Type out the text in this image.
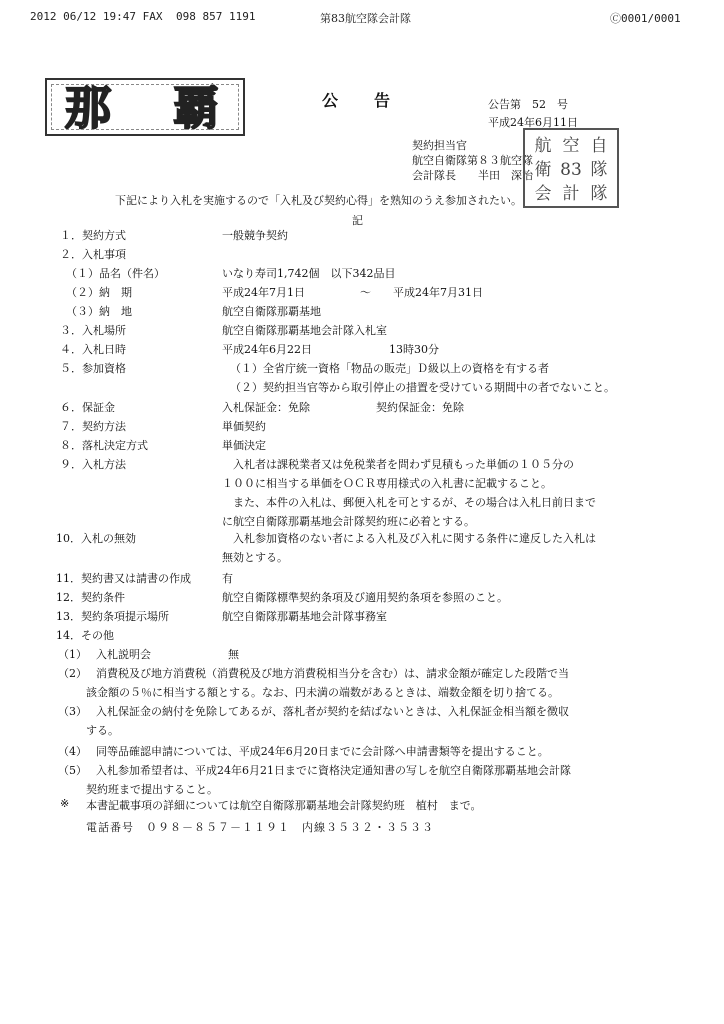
2012 06/12 19:47 FAX 098 857 1191	第83航空隊会計隊	🄫0001/0001
那覇	公告	公告第　52　号
平成24年6月11日
契約担当官
航空自衛隊第８３航空隊
会計隊長　　半田　深治
航 空 自
衛 83 隊
会 計 隊
下記により入札を実施するので「入札及び契約心得」を熟知のうえ参加されたい。
記
１．契約方式	一般競争契約
２．入札事項
（１）品名（件名）	いなり寿司1,742個　以下342品目
（２）納　期	平成24年7月1日　　　　　～　　平成24年7月31日
（３）納　地	航空自衛隊那覇基地
３．入札場所	航空自衛隊那覇基地会計隊入札室
４．入札日時	平成24年6月22日　　　　　　　13時30分
５．参加資格	（１）全省庁統一資格「物品の販売」Ｄ級以上の資格を有する者
（２）契約担当官等から取引停止の措置を受けている期間中の者でないこと。
６．保証金	入札保証金：免除　　　　　　契約保証金：免除
７．契約方法	単価契約
８．落札決定方式	単価決定
９．入札方法	　入札者は課税業者又は免税業者を問わず見積もった単価の１０５分の
１００に相当する単価をＯＣＲ専用様式の入札書に記載すること。
　また、本件の入札は、郵便入札を可とするが、その場合は入札日前日まで
に航空自衛隊那覇基地会計隊契約班に必着とする。
10．入札の無効	　入札参加資格のない者による入札及び入札に関する条件に違反した入札は
無効とする。
11．契約書又は請書の作成	有
12．契約条件	航空自衛隊標準契約条項及び適用契約条項を参照のこと。
13．契約条項提示場所	航空自衛隊那覇基地会計隊事務室
14．その他
（1） 入札説明会　　　　　　　無
（2） 消費税及び地方消費税（消費税及び地方消費税相当分を含む）は、請求金額が確定した段階で当
該金額の５％に相当する額とする。なお、円未満の端数があるときは、端数金額を切り捨てる。
（3） 入札保証金の納付を免除してあるが、落札者が契約を結ばないときは、入札保証金相当額を徴収
する。
（4） 同等品確認申請については、平成24年6月20日までに会計隊へ申請書類等を提出すること。
（5） 入札参加希望者は、平成24年6月21日までに資格決定通知書の写しを航空自衛隊那覇基地会計隊
契約班まで提出すること。
※ 本書記載事項の詳細については航空自衛隊那覇基地会計隊契約班　植村　まで。
電話番号　０９８－８５７－１１９１　内線３５３２・３５３３
